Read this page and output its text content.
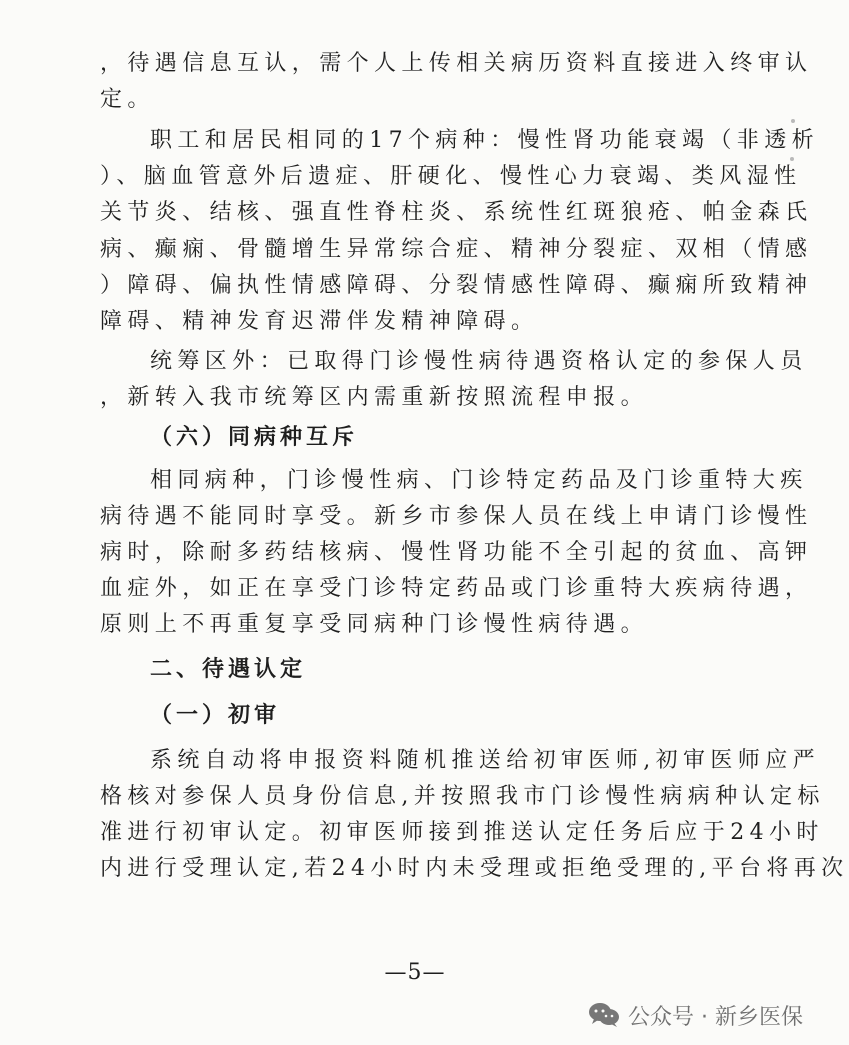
，待遇信息互认，需个人上传相关病历资料直接进入终审认

定。

职工和居民相同的17个病种：慢性肾功能衰竭（非透析

）、脑血管意外后遗症、肝硬化、慢性心力衰竭、类风湿性

关节炎、结核、强直性脊柱炎、系统性红斑狼疮、帕金森氏

病、癫痫、骨髓增生异常综合症、精神分裂症、双相（情感

）障碍、偏执性情感障碍、分裂情感性障碍、癫痫所致精神

障碍、精神发育迟滞伴发精神障碍。

统筹区外：已取得门诊慢性病待遇资格认定的参保人员

，新转入我市统筹区内需重新按照流程申报。

（六）同病种互斥

相同病种，门诊慢性病、门诊特定药品及门诊重特大疾

病待遇不能同时享受。新乡市参保人员在线上申请门诊慢性

病时，除耐多药结核病、慢性肾功能不全引起的贫血、高钾

血症外，如正在享受门诊特定药品或门诊重特大疾病待遇，

原则上不再重复享受同病种门诊慢性病待遇。

二、待遇认定
（一）初审

系统自动将申报资料随机推送给初审医师,初审医师应严

格核对参保人员身份信息,并按照我市门诊慢性病病种认定标

准进行初审认定。初审医师接到推送认定任务后应于24小时

内进行受理认定,若24小时内未受理或拒绝受理的,平台将再次

—5—
公众号 · 新乡医保
